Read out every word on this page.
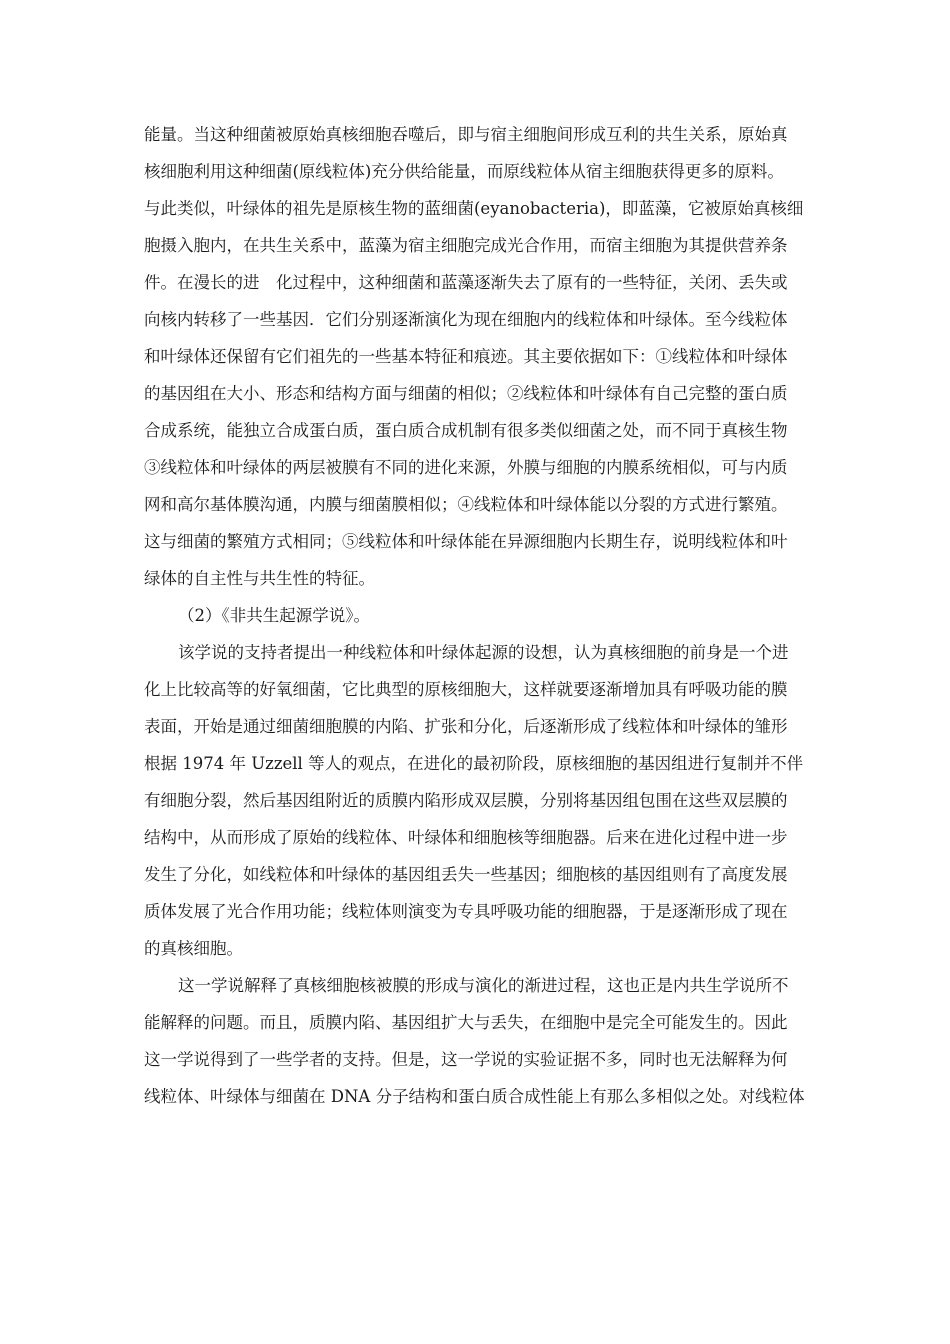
能量。当这种细菌被原始真核细胞吞噬后，即与宿主细胞间形成互利的共生关系，原始真
核细胞利用这种细菌(原线粒体)充分供给能量，而原线粒体从宿主细胞获得更多的原料。
与此类似，叶绿体的祖先是原核生物的蓝细菌(eyanobacteria)，即蓝藻，它被原始真核细
胞摄入胞内，在共生关系中，蓝藻为宿主细胞完成光合作用，而宿主细胞为其提供营养条
件。在漫长的进　化过程中，这种细菌和蓝藻逐渐失去了原有的一些特征，关闭、丢失或
向核内转移了一些基因．它们分别逐渐演化为现在细胞内的线粒体和叶绿体。至今线粒体
和叶绿体还保留有它们祖先的一些基本特征和痕迹。其主要依据如下：①线粒体和叶绿体
的基因组在大小、形态和结构方面与细菌的相似；②线粒体和叶绿体有自己完整的蛋白质
合成系统，能独立合成蛋白质，蛋白质合成机制有很多类似细菌之处，而不同于真核生物
③线粒体和叶绿体的两层被膜有不同的进化来源，外膜与细胞的内膜系统相似，可与内质
网和高尔基体膜沟通，内膜与细菌膜相似；④线粒体和叶绿体能以分裂的方式进行繁殖。
这与细菌的繁殖方式相同；⑤线粒体和叶绿体能在异源细胞内长期生存，说明线粒体和叶
绿体的自主性与共生性的特征。
（2）《非共生起源学说》。
该学说的支持者提出一种线粒体和叶绿体起源的设想，认为真核细胞的前身是一个进
化上比较高等的好氧细菌，它比典型的原核细胞大，这样就要逐渐增加具有呼吸功能的膜
表面，开始是通过细菌细胞膜的内陷、扩张和分化，后逐渐形成了线粒体和叶绿体的雏形
根据 1974 年 Uzzell 等人的观点，在进化的最初阶段，原核细胞的基因组进行复制并不伴
有细胞分裂，然后基因组附近的质膜内陷形成双层膜，分别将基因组包围在这些双层膜的
结构中，从而形成了原始的线粒体、叶绿体和细胞核等细胞器。后来在进化过程中进一步
发生了分化，如线粒体和叶绿体的基因组丢失一些基因；细胞核的基因组则有了高度发展
质体发展了光合作用功能；线粒体则演变为专具呼吸功能的细胞器，于是逐渐形成了现在
的真核细胞。
这一学说解释了真核细胞核被膜的形成与演化的渐进过程，这也正是内共生学说所不
能解释的问题。而且，质膜内陷、基因组扩大与丢失，在细胞中是完全可能发生的。因此
这一学说得到了一些学者的支持。但是，这一学说的实验证据不多，同时也无法解释为何
线粒体、叶绿体与细菌在 DNA 分子结构和蛋白质合成性能上有那么多相似之处。对线粒体
